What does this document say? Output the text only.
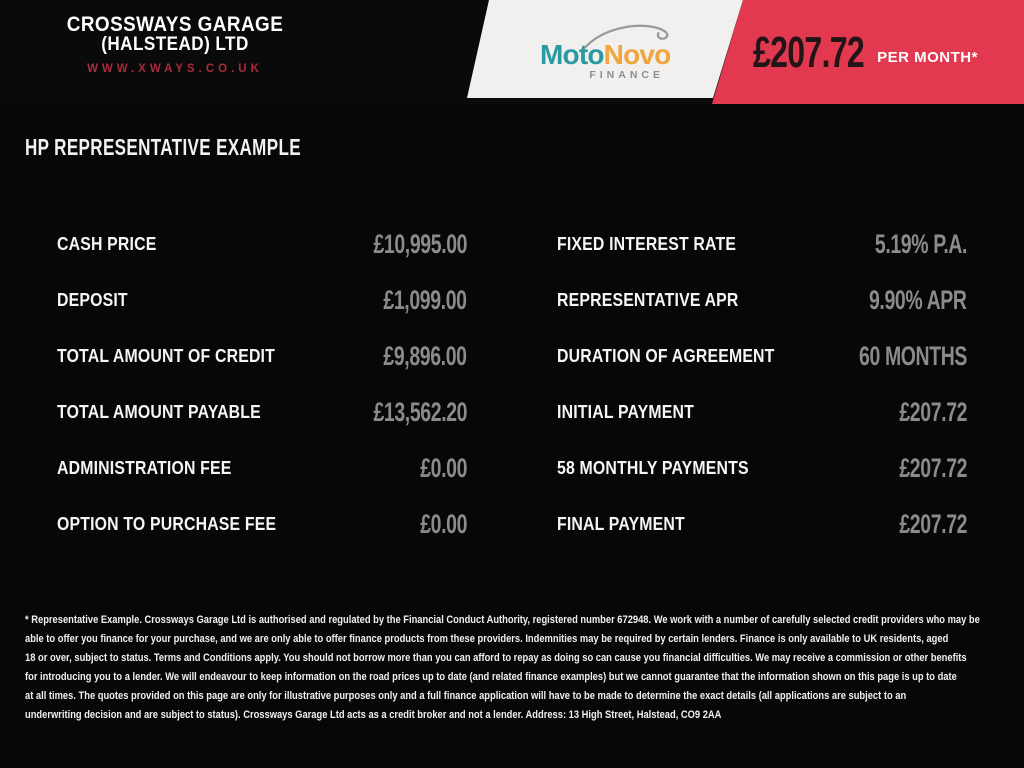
CROSSWAYS GARAGE
(HALSTEAD) LTD
WWW.XWAYS.CO.UK	MotoNovo
FINANCE £207.72 PER MONTH*
HP REPRESENTATIVE EXAMPLE
CASH PRICE	£10,995.00
DEPOSIT	£1,099.00
TOTAL AMOUNT OF CREDIT	£9,896.00
TOTAL AMOUNT PAYABLE	£13,562.20
ADMINISTRATION FEE	£0.00
OPTION TO PURCHASE FEE	£0.00
FIXED INTEREST RATE	5.19% P.A.
REPRESENTATIVE APR	9.90% APR
DURATION OF AGREEMENT	60 MONTHS
INITIAL PAYMENT	£207.72
58 MONTHLY PAYMENTS	£207.72
FINAL PAYMENT	£207.72
* Representative Example. Crossways Garage Ltd is authorised and regulated by the Financial Conduct Authority, registered number 672948. We work with a number of carefully selected credit providers who may be
able to offer you finance for your purchase, and we are only able to offer finance products from these providers. Indemnities may be required by certain lenders. Finance is only available to UK residents, aged
18 or over, subject to status. Terms and Conditions apply. You should not borrow more than you can afford to repay as doing so can cause you financial difficulties. We may receive a commission or other benefits
for introducing you to a lender. We will endeavour to keep information on the road prices up to date (and related finance examples) but we cannot guarantee that the information shown on this page is up to date
at all times. The quotes provided on this page are only for illustrative purposes only and a full finance application will have to be made to determine the exact details (all applications are subject to an
underwriting decision and are subject to status). Crossways Garage Ltd acts as a credit broker and not a lender. Address: 13 High Street, Halstead, CO9 2AA
